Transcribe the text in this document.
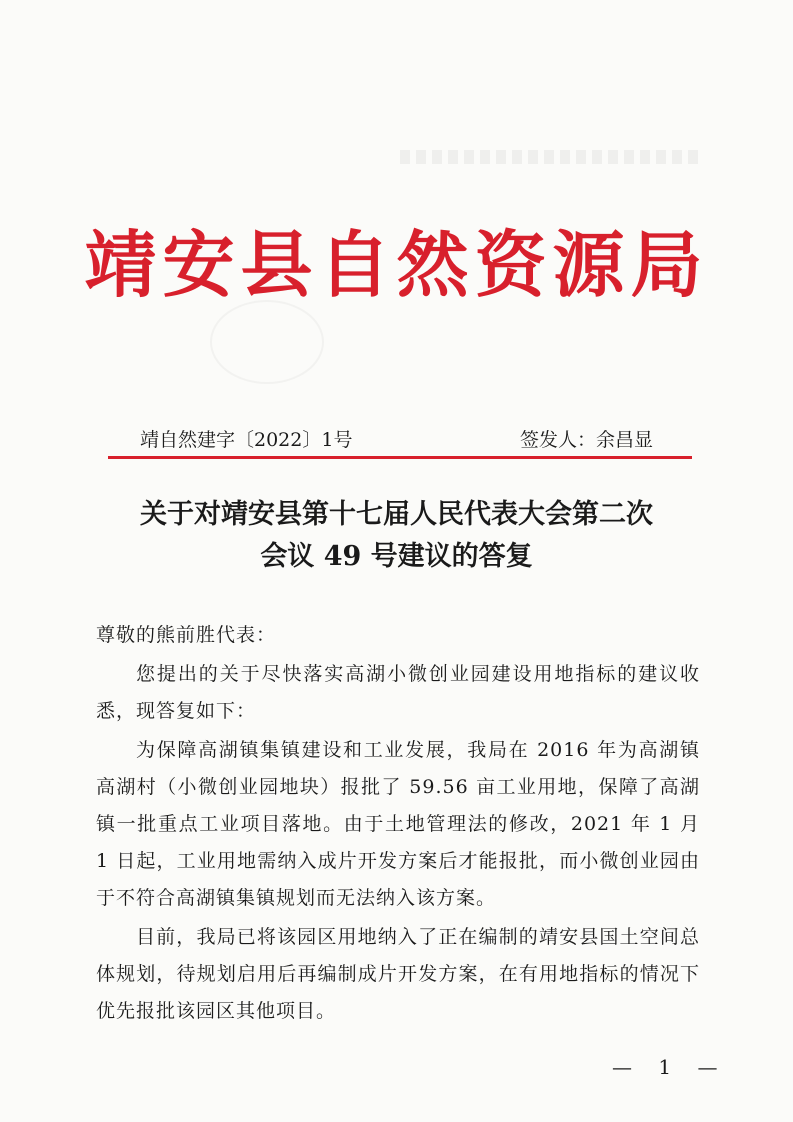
靖安县自然资源局
靖自然建字〔2022〕1号	签发人：余昌显
关于对靖安县第十七届人民代表大会第二次
会议 49 号建议的答复
尊敬的熊前胜代表：
您提出的关于尽快落实高湖小微创业园建设用地指标的建议收悉，现答复如下：
为保障高湖镇集镇建设和工业发展，我局在 2016 年为高湖镇高湖村（小微创业园地块）报批了 59.56 亩工业用地，保障了高湖镇一批重点工业项目落地。由于土地管理法的修改，2021 年 1 月 1 日起，工业用地需纳入成片开发方案后才能报批，而小微创业园由于不符合高湖镇集镇规划而无法纳入该方案。
目前，我局已将该园区用地纳入了正在编制的靖安县国土空间总体规划，待规划启用后再编制成片开发方案，在有用地指标的情况下优先报批该园区其他项目。
— 1 —
